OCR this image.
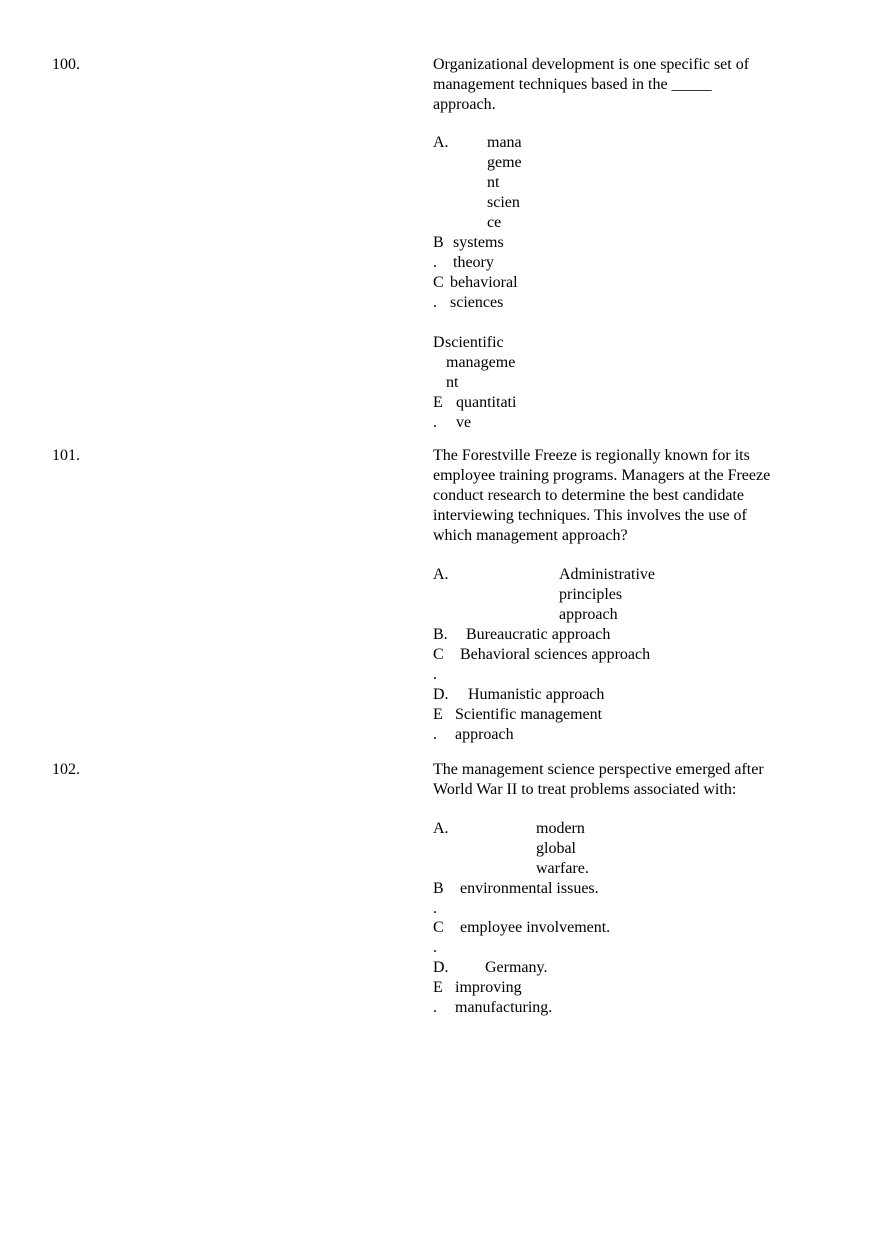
100.	Organizational development is one specific set of
management techniques based in the _____
approach.
A. mana
geme
nt
scien
ce
B
.
systems
theory
C
.
behavioral
sciences
D scientific
manageme
nt
E
.
quantitati
ve
101.	The Forestville Freeze is regionally known for its
employee training programs. Managers at the Freeze
conduct research to determine the best candidate
interviewing techniques. This involves the use of
which management approach?
A.	Administrative
principles
approach
B. Bureaucratic approach
C
.
Behavioral sciences approach
D. Humanistic approach
E
.
Scientific management
approach
102.	The management science perspective emerged after
World War II to treat problems associated with:
A.	modern
global
warfare.
B
.
environmental issues.
C
.
employee involvement.
D. Germany.
E
.
improving
manufacturing.
